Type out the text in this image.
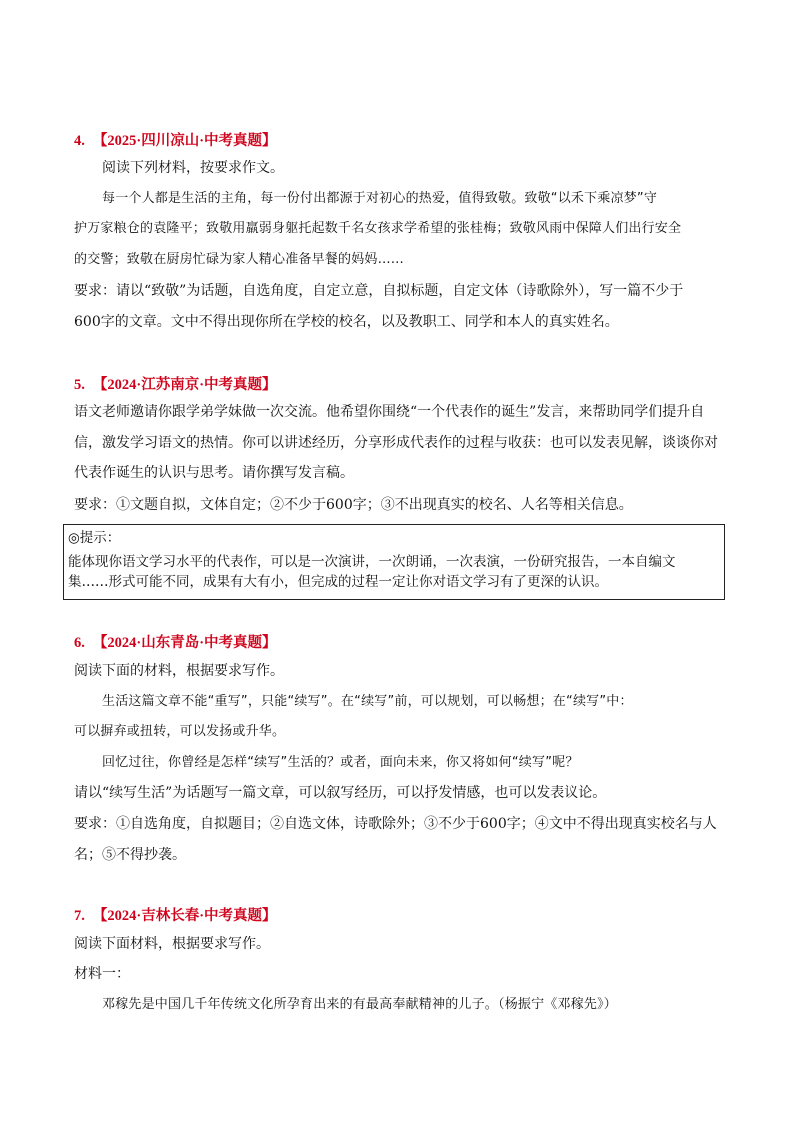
4. 【2025·四川凉山·中考真题】
阅读下列材料，按要求作文。
每一个人都是生活的主角，每一份付出都源于对初心的热爱，值得致敬。致敬“以禾下乘凉梦”守
护万家粮仓的袁隆平；致敬用羸弱身躯托起数千名女孩求学希望的张桂梅；致敬风雨中保障人们出行安全
的交警；致敬在厨房忙碌为家人精心准备早餐的妈妈……
要求：请以“致敬”为话题，自选角度，自定立意，自拟标题，自定文体（诗歌除外），写一篇不少于
600字的文章。文中不得出现你所在学校的校名，以及教职工、同学和本人的真实姓名。
5. 【2024·江苏南京·中考真题】
语文老师邀请你跟学弟学妹做一次交流。他希望你围绕“一个代表作的诞生”发言，来帮助同学们提升自
信，激发学习语文的热情。你可以讲述经历，分享形成代表作的过程与收获：也可以发表见解，谈谈你对
代表作诞生的认识与思考。请你撰写发言稿。
要求：①文题自拟，文体自定；②不少于600字；③不出现真实的校名、人名等相关信息。
◎提示：
能体现你语文学习水平的代表作，可以是一次演讲，一次朗诵，一次表演，一份研究报告，一本自编文
集……形式可能不同，成果有大有小，但完成的过程一定让你对语文学习有了更深的认识。
6. 【2024·山东青岛·中考真题】
阅读下面的材料，根据要求写作。
生活这篇文章不能“重写”，只能“续写”。在“续写”前，可以规划，可以畅想；在“续写”中：
可以摒弃或扭转，可以发扬或升华。
回忆过往，你曾经是怎样“续写”生活的？或者，面向未来，你又将如何“续写”呢？
请以“续写生活”为话题写一篇文章，可以叙写经历，可以抒发情感，也可以发表议论。
要求：①自选角度，自拟题目；②自选文体，诗歌除外；③不少于600字；④文中不得出现真实校名与人
名；⑤不得抄袭。
7. 【2024·吉林长春·中考真题】
阅读下面材料，根据要求写作。
材料一：
邓稼先是中国几千年传统文化所孕育出来的有最高奉献精神的儿子。（杨振宁《邓稼先》）
